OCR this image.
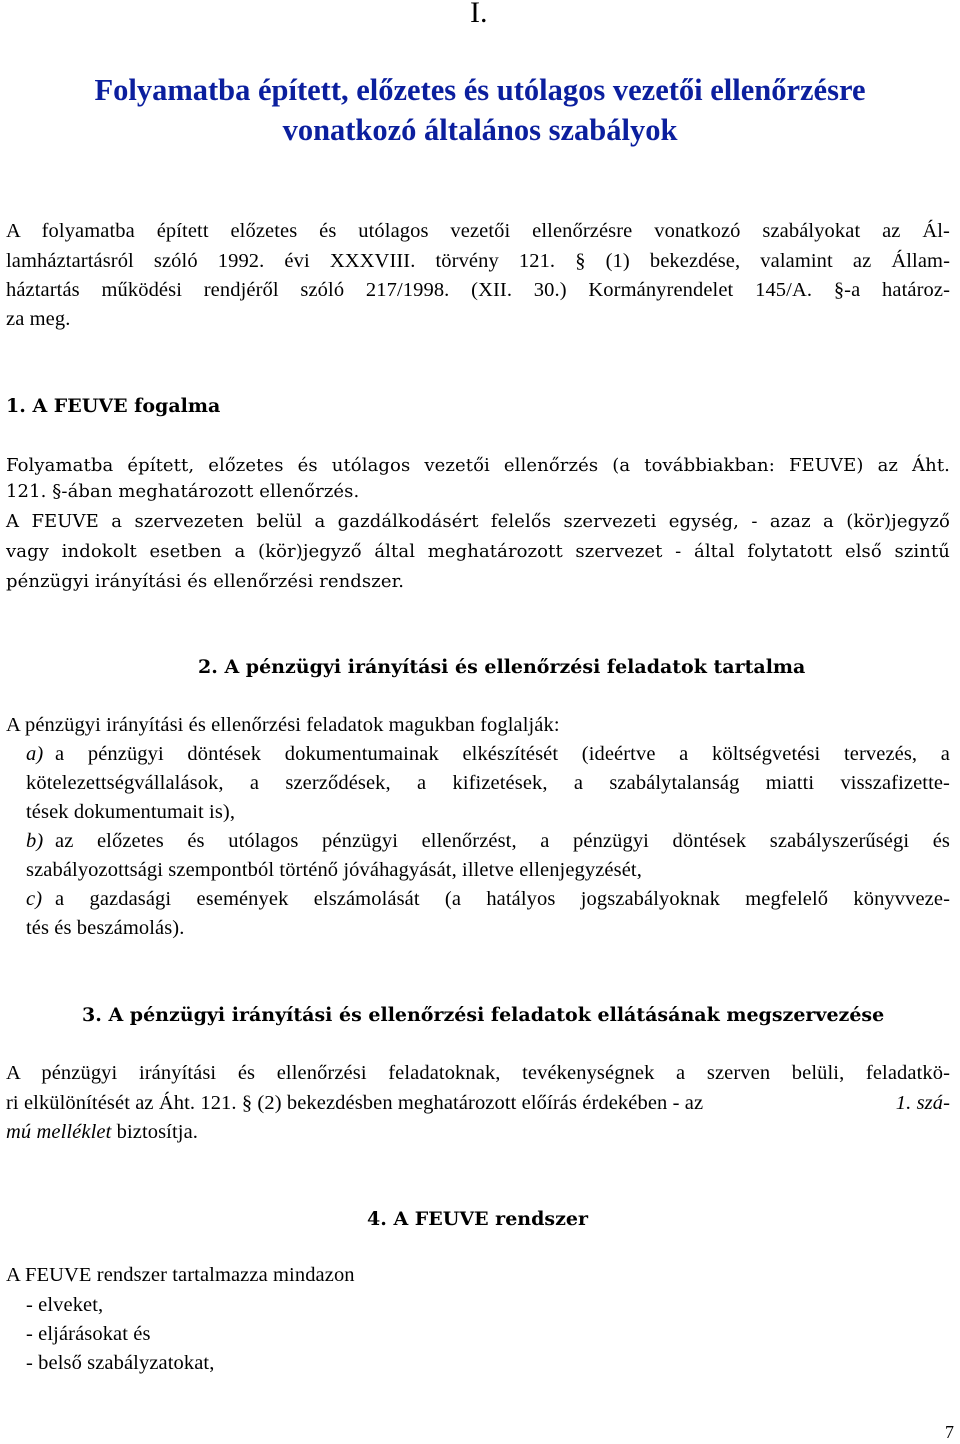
I.
Folyamatba épített, előzetes és utólagos vezetői ellenőrzésre
vonatkozó általános szabályok
A folyamatba épített előzetes és utólagos vezetői ellenőrzésre vonatkozó szabályokat az Ál-
lamháztartásról szóló 1992. évi XXXVIII. törvény 121. § (1) bekezdése, valamint az Állam-
háztartás működési rendjéről szóló 217/1998. (XII. 30.) Kormányrendelet 145/A. §-a határoz-
za meg.
1. A FEUVE fogalma
Folyamatba épített, előzetes és utólagos vezetői ellenőrzés (a továbbiakban: FEUVE) az Áht.
121. §-ában meghatározott ellenőrzés.
A FEUVE a szervezeten belül a gazdálkodásért felelős szervezeti egység, - azaz a (kör)jegyző
vagy indokolt esetben a (kör)jegyző által meghatározott szervezet - által folytatott első szintű
pénzügyi irányítási és ellenőrzési rendszer.
2. A pénzügyi irányítási és ellenőrzési feladatok tartalma
A pénzügyi irányítási és ellenőrzési feladatok magukban foglalják:
a) a pénzügyi döntések dokumentumainak elkészítését (ideértve a költségvetési tervezés, a
kötelezettségvállalások, a szerződések, a kifizetések, a szabálytalanság miatti visszafizette-
tések dokumentumait is),
b) az előzetes és utólagos pénzügyi ellenőrzést, a pénzügyi döntések szabályszerűségi és
szabályozottsági szempontból történő jóváhagyását, illetve ellenjegyzését,
c) a gazdasági események elszámolását (a hatályos jogszabályoknak megfelelő könyvveze-
tés és beszámolás).
3. A pénzügyi irányítási és ellenőrzési feladatok ellátásának megszervezése
A pénzügyi irányítási és ellenőrzési feladatoknak, tevékenységnek a szerven belüli, feladatkö-
ri elkülönítését az Áht. 121. § (2) bekezdésben meghatározott előírás érdekében - az	1. szá-
mú melléklet biztosítja.
4. A FEUVE rendszer
A FEUVE rendszer tartalmazza mindazon
- elveket,
- eljárásokat és
- belső szabályzatokat,
7
